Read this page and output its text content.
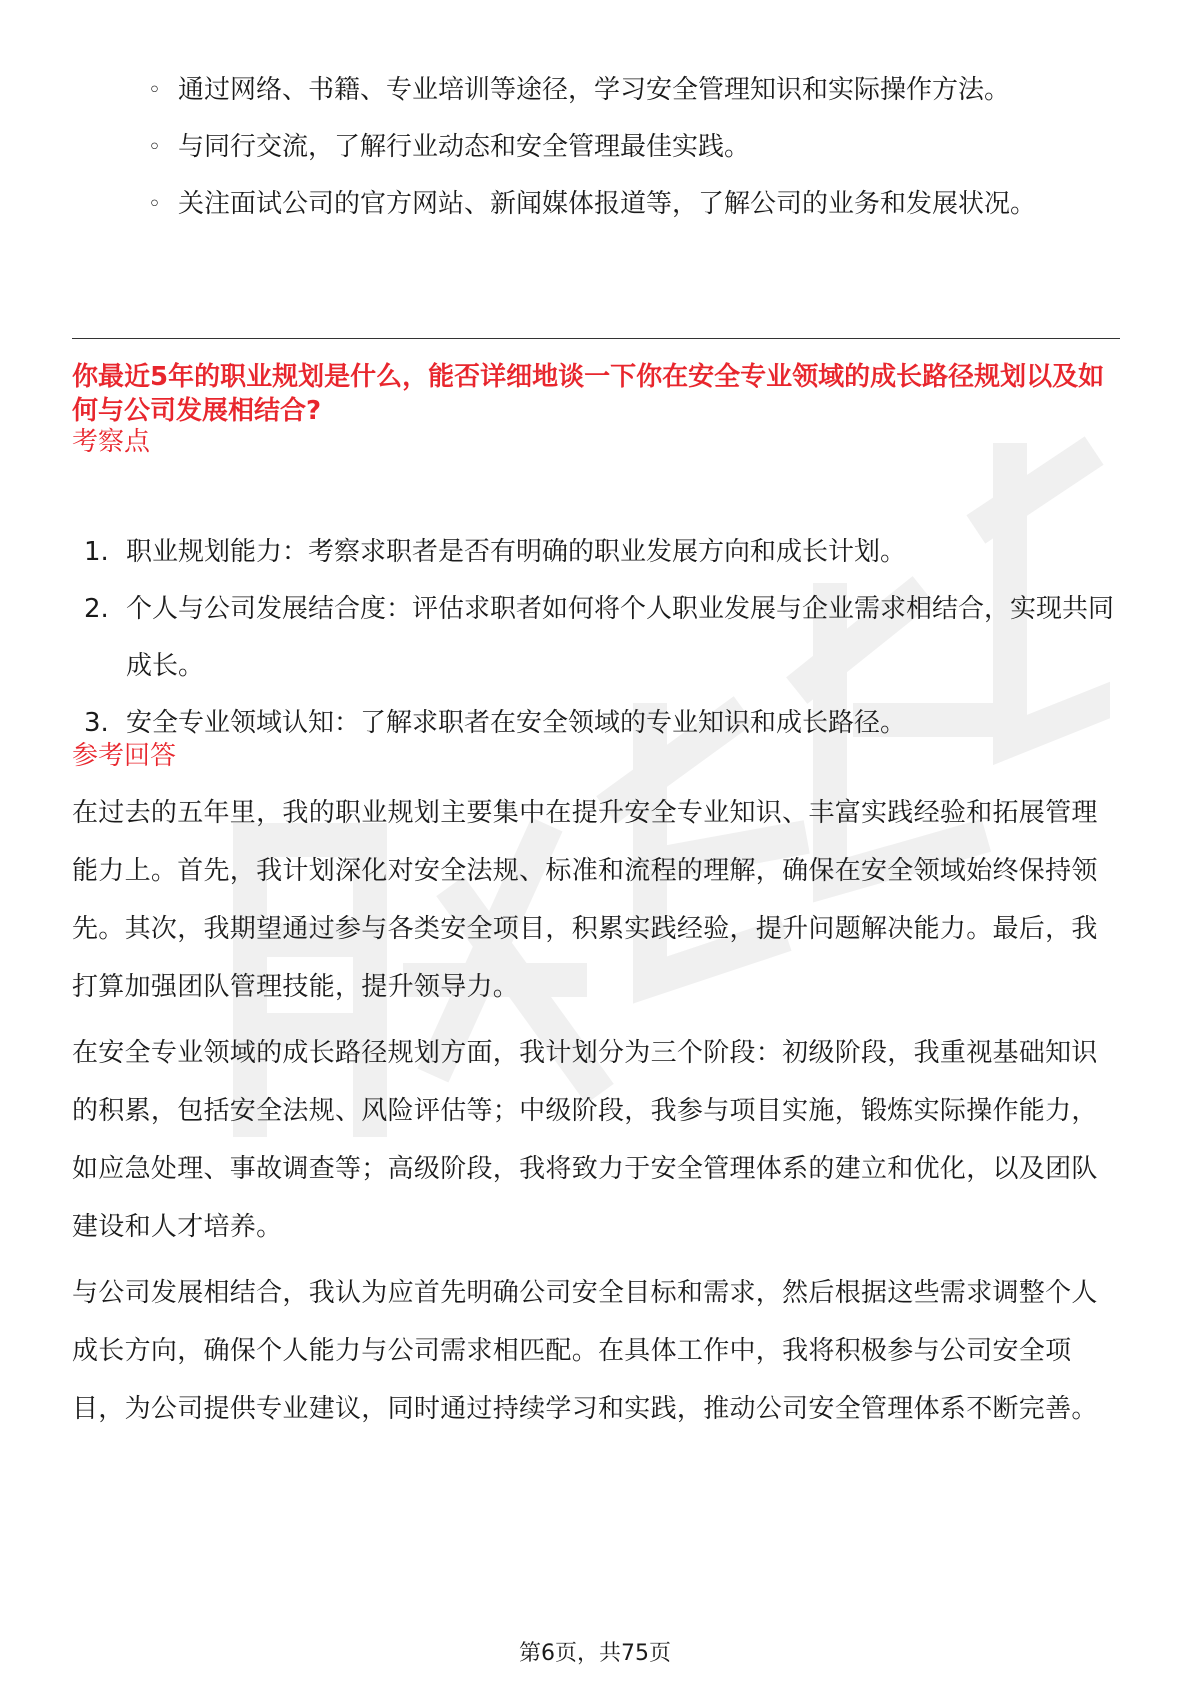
◦ 通过网络、书籍、专业培训等途径，学习安全管理知识和实际操作方法。
◦ 与同行交流，了解行业动态和安全管理最佳实践。
◦ 关注面试公司的官方网站、新闻媒体报道等，了解公司的业务和发展状况。
你最近5年的职业规划是什么，能否详细地谈一下你在安全专业领域的成长路径规划以及如何与公司发展相结合?
考察点
1. 职业规划能力：考察求职者是否有明确的职业发展方向和成长计划。
2. 个人与公司发展结合度：评估求职者如何将个人职业发展与企业需求相结合，实现共同成长。
3. 安全专业领域认知：了解求职者在安全领域的专业知识和成长路径。
参考回答

在过去的五年里，我的职业规划主要集中在提升安全专业知识、丰富实践经验和拓展管理能力上。首先，我计划深化对安全法规、标准和流程的理解，确保在安全领域始终保持领先。其次，我期望通过参与各类安全项目，积累实践经验，提升问题解决能力。最后，我打算加强团队管理技能，提升领导力。

在安全专业领域的成长路径规划方面，我计划分为三个阶段：初级阶段，我重视基础知识的积累，包括安全法规、风险评估等；中级阶段，我参与项目实施，锻炼实际操作能力，如应急处理、事故调查等；高级阶段，我将致力于安全管理体系的建立和优化，以及团队建设和人才培养。

与公司发展相结合，我认为应首先明确公司安全目标和需求，然后根据这些需求调整个人成长方向，确保个人能力与公司需求相匹配。在具体工作中，我将积极参与公司安全项目，为公司提供专业建议，同时通过持续学习和实践，推动公司安全管理体系不断完善。

第6页，共75页
